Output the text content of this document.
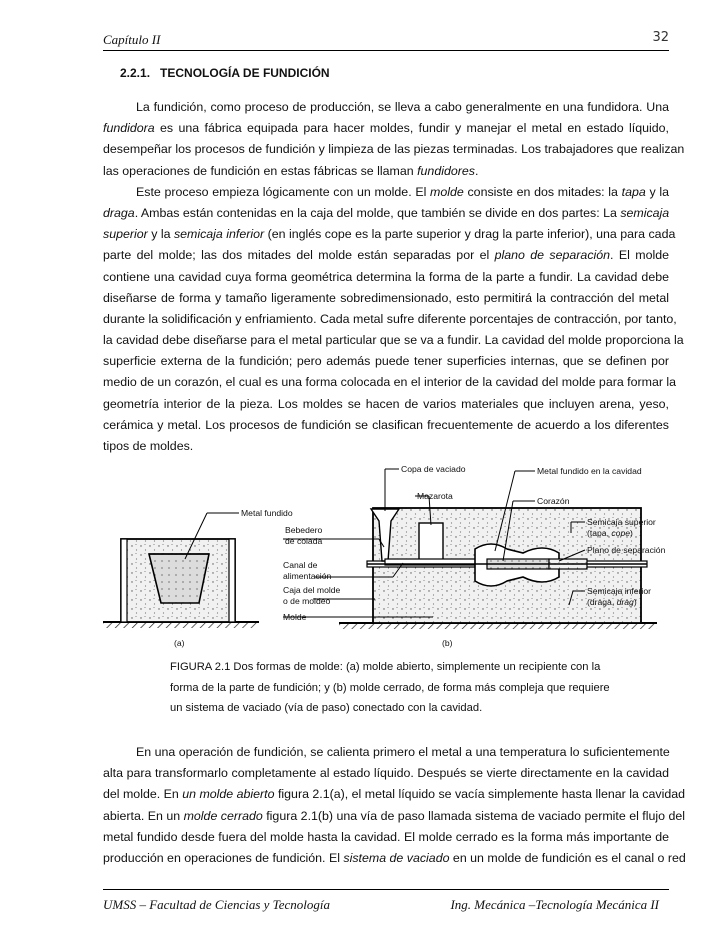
Capítulo II	32
2.2.1. TECNOLOGÍA DE FUNDICIÓN
La fundición, como proceso de producción, se lleva a cabo generalmente en una fundidora. Una
fundidora es una fábrica equipada para hacer moldes, fundir y manejar el metal en estado líquido,
desempeñar los procesos de fundición y limpieza de las piezas terminadas. Los trabajadores que realizan
las operaciones de fundición en estas fábricas se llaman fundidores.
Este proceso empieza lógicamente con un molde. El molde consiste en dos mitades: la tapa y la
draga. Ambas están contenidas en la caja del molde, que también se divide en dos partes: La semicaja
superior y la semicaja inferior (en inglés cope es la parte superior y drag la parte inferior), una para cada
parte del molde; las dos mitades del molde están separadas por el plano de separación. El molde
contiene una cavidad cuya forma geométrica determina la forma de la parte a fundir. La cavidad debe
diseñarse de forma y tamaño ligeramente sobredimensionado, esto permitirá la contracción del metal
durante la solidificación y enfriamiento. Cada metal sufre diferente porcentajes de contracción, por tanto,
la cavidad debe diseñarse para el metal particular que se va a fundir. La cavidad del molde proporciona la
superficie externa de la fundición; pero además puede tener superficies internas, que se definen por
medio de un corazón, el cual es una forma colocada en el interior de la cavidad del molde para formar la
geometría interior de la pieza. Los moldes se hacen de varios materiales que incluyen arena, yeso,
cerámica y metal. Los procesos de fundición se clasifican frecuentemente de acuerdo a los diferentes
tipos de moldes.
Metal fundido
(a)
Bebedero
de colada
Canal de
alimentación
Caja del molde
o de moldeo
Molde
(b)
Copa de vaciado
Mazarota
Metal fundido en la cavidad
Corazón
Semicaja superior
(tapa, cope)
Plano de separación
Semicaja inferior
(draga, drag)
FIGURA 2.1 Dos formas de molde: (a) molde abierto, simplemente un recipiente con la
forma de la parte de fundición; y (b) molde cerrado, de forma más compleja que requiere
un sistema de vaciado (vía de paso) conectado con la cavidad.
En una operación de fundición, se calienta primero el metal a una temperatura lo suficientemente
alta para transformarlo completamente al estado líquido. Después se vierte directamente en la cavidad
del molde. En un molde abierto figura 2.1(a), el metal líquido se vacía simplemente hasta llenar la cavidad
abierta. En un molde cerrado figura 2.1(b) una vía de paso llamada sistema de vaciado permite el flujo del
metal fundido desde fuera del molde hasta la cavidad. El molde cerrado es la forma más importante de
producción en operaciones de fundición. El sistema de vaciado en un molde de fundición es el canal o red
UMSS – Facultad de Ciencias y Tecnología	Ing. Mecánica –Tecnología Mecánica II
